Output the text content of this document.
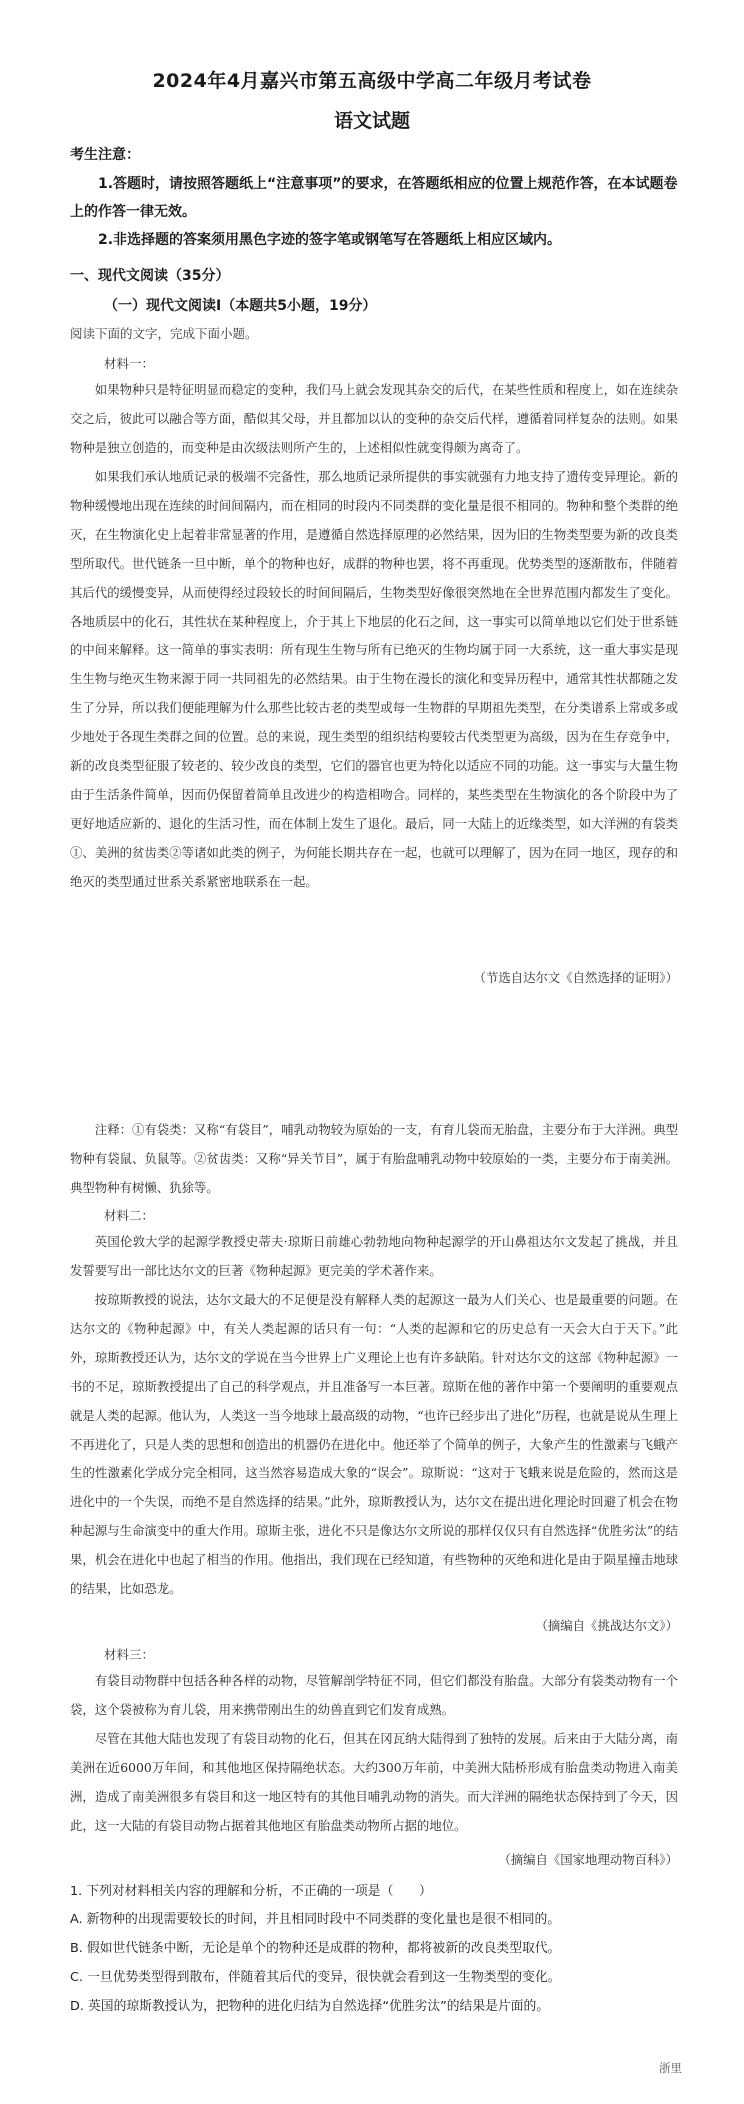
2024年4月嘉兴市第五高级中学高二年级月考试卷
语文试题
考生注意：
1.答题时，请按照答题纸上“注意事项”的要求，在答题纸相应的位置上规范作答，在本试题卷上的作答一律无效。
2.非选择题的答案须用黑色字迹的签字笔或钢笔写在答题纸上相应区域内。
一、现代文阅读（35分）
（一）现代文阅读Ⅰ（本题共5小题，19分）
阅读下面的文字，完成下面小题。
材料一：

如果物种只是特征明显而稳定的变种，我们马上就会发现其杂交的后代，在某些性质和程度上，如在连续杂交之后，彼此可以融合等方面，酷似其父母，并且都加以认的变种的杂交后代样，遵循着同样复杂的法则。如果物种是独立创造的，而变种是由次级法则所产生的，上述相似性就变得颇为离奇了。

如果我们承认地质记录的极端不完备性，那么地质记录所提供的事实就强有力地支持了遗传变异理论。新的物种缓慢地出现在连续的时间间隔内，而在相同的时段内不同类群的变化量是很不相同的。物种和整个类群的绝灭，在生物演化史上起着非常显著的作用，是遵循自然选择原理的必然结果，因为旧的生物类型要为新的改良类型所取代。世代链条一旦中断，单个的物种也好，成群的物种也罢，将不再重现。优势类型的逐渐散布，伴随着其后代的缓慢变异，从而使得经过段较长的时间间隔后，生物类型好像很突然地在全世界范围内都发生了变化。各地质层中的化石，其性状在某种程度上，介于其上下地层的化石之间，这一事实可以简单地以它们处于世系链的中间来解释。这一简单的事实表明：所有现生生物与所有已绝灭的生物均属于同一大系统，这一重大事实是现生生物与绝灭生物来源于同一共同祖先的必然结果。由于生物在漫长的演化和变异历程中，通常其性状都随之发生了分异，所以我们便能理解为什么那些比较古老的类型或每一生物群的早期祖先类型，在分类谱系上常或多或少地处于各现生类群之间的位置。总的来说，现生类型的组织结构要较古代类型更为高级，因为在生存竞争中，新的改良类型征服了较老的、较少改良的类型，它们的器官也更为特化以适应不同的功能。这一事实与大量生物由于生活条件简单，因而仍保留着简单且改进少的构造相吻合。同样的，某些类型在生物演化的各个阶段中为了更好地适应新的、退化的生活习性，而在体制上发生了退化。最后，同一大陆上的近缘类型，如大洋洲的有袋类①、美洲的贫齿类②等诸如此类的例子，为何能长期共存在一起，也就可以理解了，因为在同一地区，现存的和绝灭的类型通过世系关系紧密地联系在一起。

（节选自达尔文《自然选择的证明》）

注释：①有袋类：又称“有袋目”，哺乳动物较为原始的一支，有育儿袋而无胎盘，主要分布于大洋洲。典型物种有袋鼠、负鼠等。②贫齿类：又称“异关节目”，属于有胎盘哺乳动物中较原始的一类，主要分布于南美洲。典型物种有树懒、犰狳等。

材料二：

英国伦敦大学的起源学教授史蒂夫·琼斯日前雄心勃勃地向物种起源学的开山鼻祖达尔文发起了挑战，并且发誓要写出一部比达尔文的巨著《物种起源》更完美的学术著作来。

按琼斯教授的说法，达尔文最大的不足便是没有解释人类的起源这一最为人们关心、也是最重要的问题。在达尔文的《物种起源》中，有关人类起源的话只有一句：“人类的起源和它的历史总有一天会大白于天下。”此外，琼斯教授还认为，达尔文的学说在当今世界上广义理论上也有许多缺陷。针对达尔文的这部《物种起源》一书的不足，琼斯教授提出了自己的科学观点，并且准备写一本巨著。琼斯在他的著作中第一个要阐明的重要观点就是人类的起源。他认为，人类这一当今地球上最高级的动物，“也许已经步出了进化”历程，也就是说从生理上不再进化了，只是人类的思想和创造出的机器仍在进化中。他还举了个简单的例子，大象产生的性激素与飞蛾产生的性激素化学成分完全相同，这当然容易造成大象的“误会”。琼斯说：“这对于飞蛾来说是危险的，然而这是进化中的一个失误，而绝不是自然选择的结果。”此外，琼斯教授认为，达尔文在提出进化理论时回避了机会在物种起源与生命演变中的重大作用。琼斯主张，进化不只是像达尔文所说的那样仅仅只有自然选择“优胜劣汰”的结果，机会在进化中也起了相当的作用。他指出，我们现在已经知道，有些物种的灭绝和进化是由于陨星撞击地球的结果，比如恐龙。

（摘编自《挑战达尔文》）
材料三：

有袋目动物群中包括各种各样的动物，尽管解剖学特征不同，但它们都没有胎盘。大部分有袋类动物有一个袋，这个袋被称为育儿袋，用来携带刚出生的幼兽直到它们发育成熟。

尽管在其他大陆也发现了有袋目动物的化石，但其在冈瓦纳大陆得到了独特的发展。后来由于大陆分离，南美洲在近6000万年间，和其他地区保持隔绝状态。大约300万年前，中美洲大陆桥形成有胎盘类动物进入南美洲，造成了南美洲很多有袋目和这一地区特有的其他目哺乳动物的消失。而大洋洲的隔绝状态保持到了今天，因此，这一大陆的有袋目动物占据着其他地区有胎盘类动物所占据的地位。

（摘编自《国家地理动物百科》）
1. 下列对材料相关内容的理解和分析，不正确的一项是（　　）
A. 新物种的出现需要较长的时间，并且相同时段中不同类群的变化量也是很不相同的。
B. 假如世代链条中断，无论是单个的物种还是成群的物种，都将被新的改良类型取代。
C. 一旦优势类型得到散布，伴随着其后代的变异，很快就会看到这一生物类型的变化。
D. 英国的琼斯教授认为，把物种的进化归结为自然选择“优胜劣汰”的结果是片面的。
浙里
